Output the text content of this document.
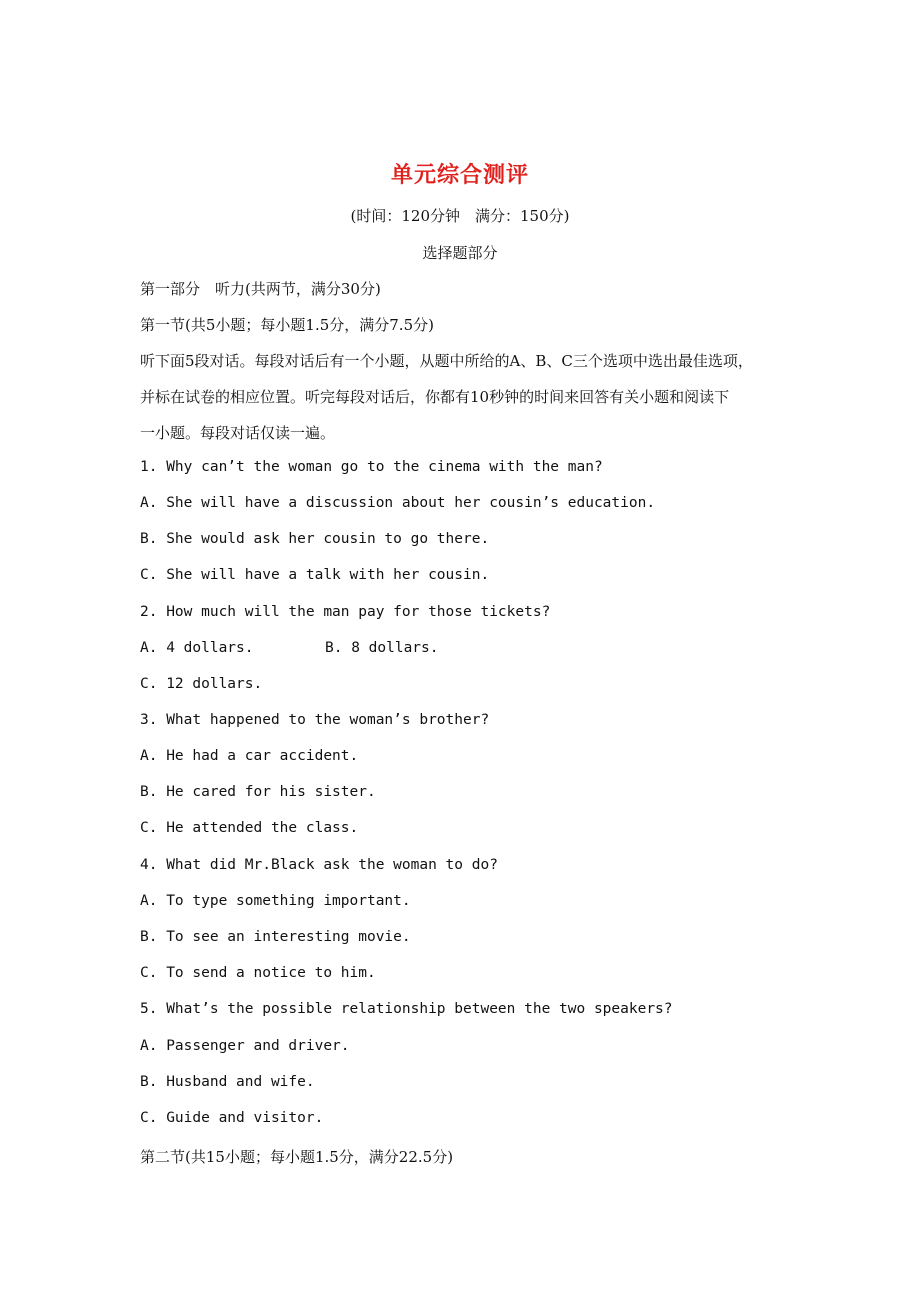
单元综合测评
(时间：120分钟　满分：150分)
选择题部分
第一部分　听力(共两节，满分30分)
第一节(共5小题；每小题1.5分，满分7.5分)
听下面5段对话。每段对话后有一个小题，从题中所给的A、B、C三个选项中选出最佳选项，
并标在试卷的相应位置。听完每段对话后，你都有10秒钟的时间来回答有关小题和阅读下
一小题。每段对话仅读一遍。
1. Why can’t the woman go to the cinema with the man?
A. She will have a discussion about her cousin’s education.
B. She would ask her cousin to go there.
C. She will have a talk with her cousin.
2. How much will the man pay for those tickets?
A. 4 dollars.	B. 8 dollars.
C. 12 dollars.
3. What happened to the woman’s brother?
A. He had a car accident.
B. He cared for his sister.
C. He attended the class.
4. What did Mr.Black ask the woman to do?
A. To type something important.
B. To see an interesting movie.
C. To send a notice to him.
5. What’s the possible relationship between the two speakers?
A. Passenger and driver.
B. Husband and wife.
C. Guide and visitor.
第二节(共15小题；每小题1.5分，满分22.5分)
